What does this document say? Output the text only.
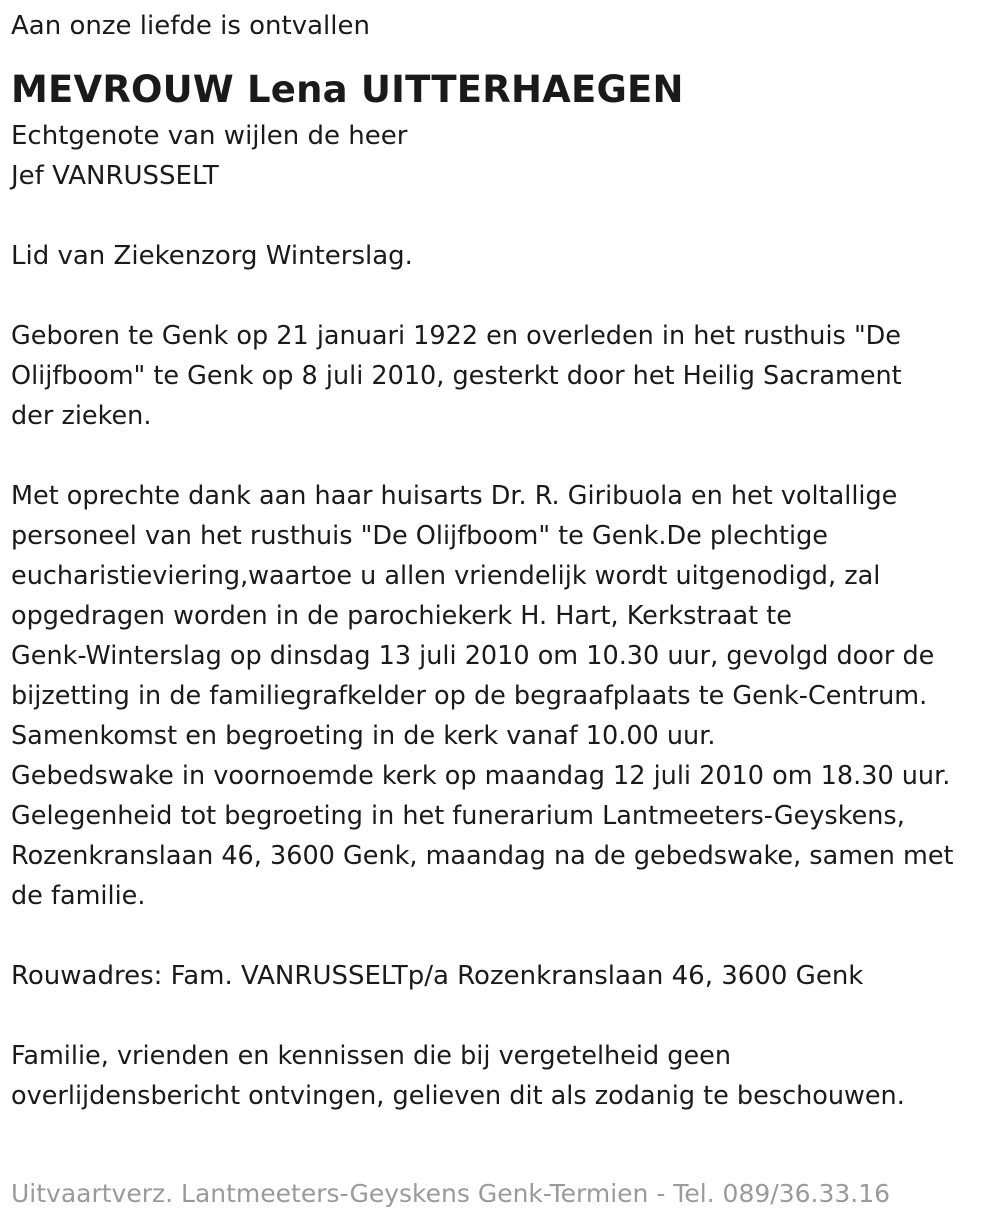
Aan onze liefde is ontvallen

MEVROUW Lena UITTERHAEGEN

Echtgenote van wijlen de heer

Jef VANRUSSELT

Lid van Ziekenzorg Winterslag.

Geboren te Genk op 21 januari 1922 en overleden in het rusthuis "De

Olijfboom" te Genk op 8 juli 2010, gesterkt door het Heilig Sacrament

der zieken.

Met oprechte dank aan haar huisarts Dr. R. Giribuola en het voltallige

personeel van het rusthuis "De Olijfboom" te Genk.De plechtige

eucharistieviering,waartoe u allen vriendelijk wordt uitgenodigd, zal

opgedragen worden in de parochiekerk H. Hart, Kerkstraat te

Genk-Winterslag op dinsdag 13 juli 2010 om 10.30 uur, gevolgd door de

bijzetting in de familiegrafkelder op de begraafplaats te Genk-Centrum.

Samenkomst en begroeting in de kerk vanaf 10.00 uur.

Gebedswake in voornoemde kerk op maandag 12 juli 2010 om 18.30 uur.

Gelegenheid tot begroeting in het funerarium Lantmeeters-Geyskens,

Rozenkranslaan 46, 3600 Genk, maandag na de gebedswake, samen met

de familie.

Rouwadres: Fam. VANRUSSELTp/a Rozenkranslaan 46, 3600 Genk

Familie, vrienden en kennissen die bij vergetelheid geen

overlijdensbericht ontvingen, gelieven dit als zodanig te beschouwen.

Uitvaartverz. Lantmeeters-Geyskens Genk-Termien - Tel. 089/36.33.16
